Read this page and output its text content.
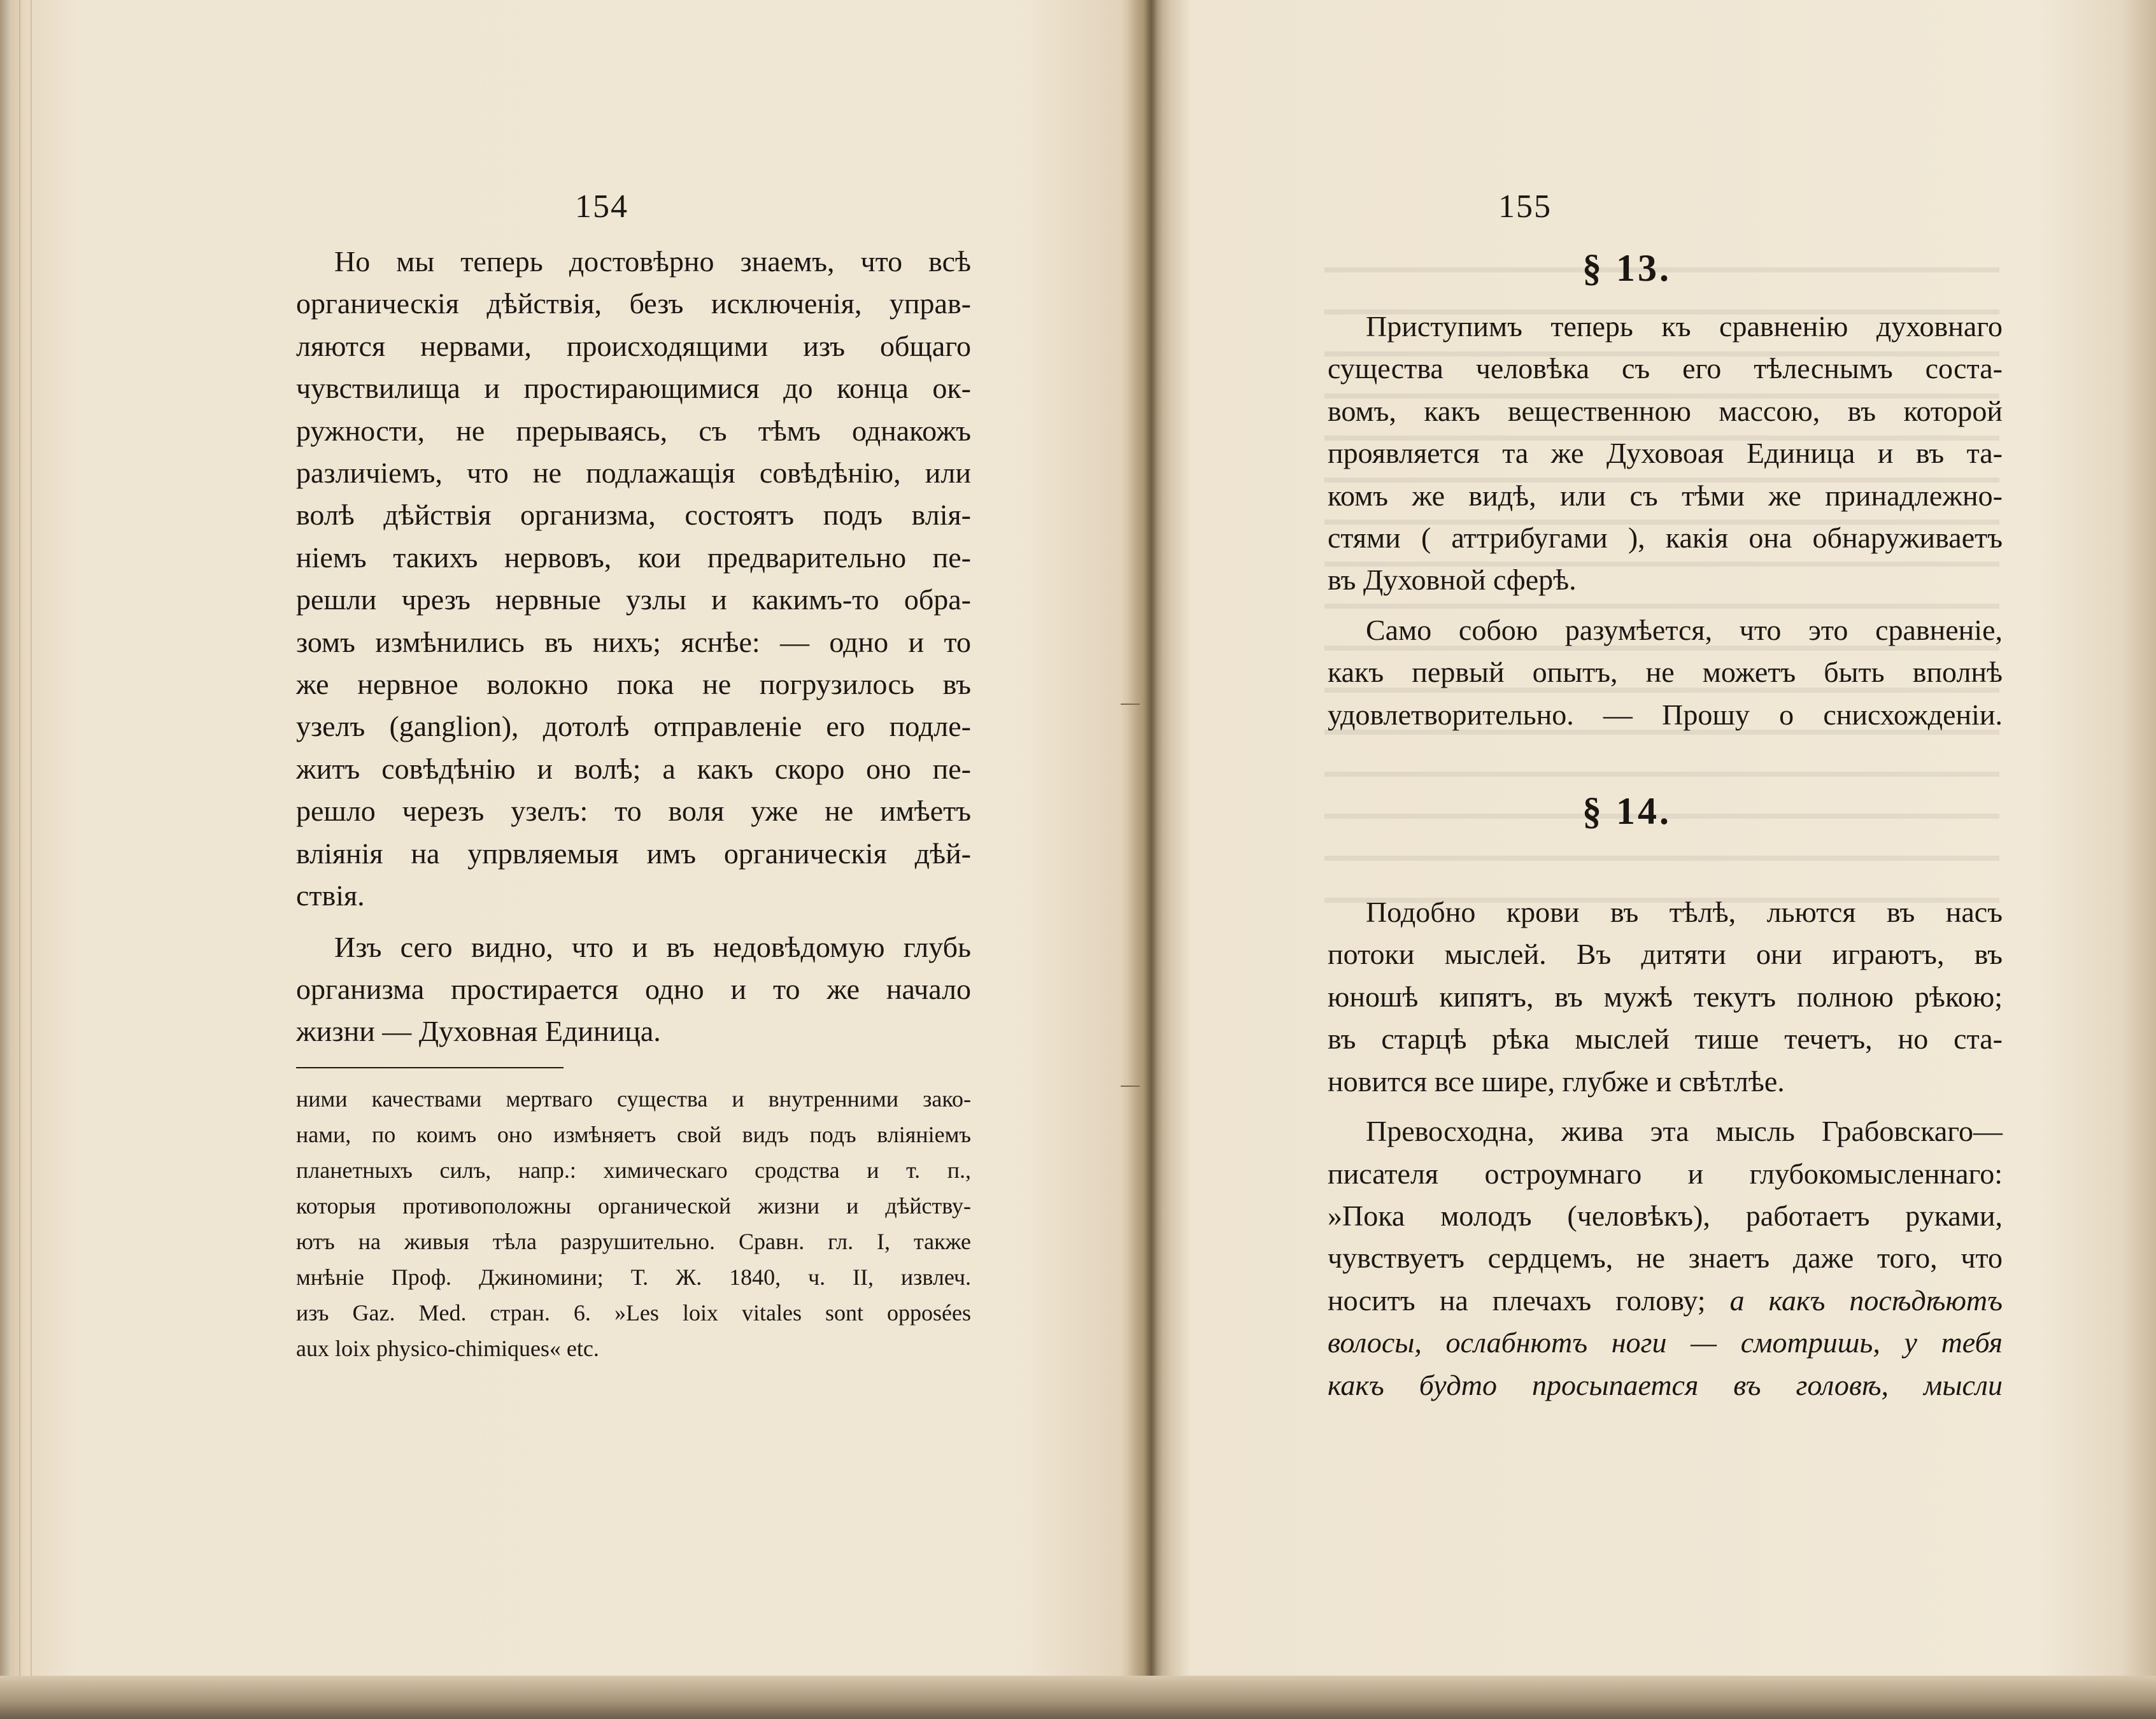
154
Но мы теперь достовѣрно знаемъ, что всѣ
органическія дѣйствія, безъ исключенія, управ-
ляются нервами, происходящими изъ общаго
чувствилища и простирающимися до конца ок-
ружности, не прерываясь, съ тѣмъ однакожъ
различіемъ, что не подлажащія совѣдѣнію, или
волѣ дѣйствія организма, состоятъ подъ влія-
ніемъ такихъ нервовъ, кои предварительно пе-
решли чрезъ нервные узлы и какимъ-то обра-
зомъ измѣнились въ нихъ; яснѣе: — одно и то
же нервное волокно пока не погрузилось въ
узелъ (ganglion), дотолѣ отправленіе его подле-
житъ совѣдѣнію и волѣ; а какъ скоро оно пе-
решло черезъ узелъ: то воля уже не имѣетъ
вліянія на упрвляемыя имъ органическія дѣй-
ствія.
Изъ сего видно, что и въ недовѣдомую глубь
организма простирается одно и то же начало
жизни — Духовная Единица.
ними качествами мертваго существа и внутренними зако-
нами, по коимъ оно измѣняетъ свой видъ подъ вліяніемъ
планетныхъ силъ, напр.: химическаго сродства и т. п.,
которыя противоположны органической жизни и дѣйству-
ютъ на живыя тѣла разрушительно. Сравн. гл. I, также
мнѣніе Проф. Джиномини; Т. Ж. 1840, ч. II, извлеч.
изъ Gaz. Med. стран. 6. »Les loix vitales sont opposées
aux loix physico-chimiques« etc.
155
§ 13.
Приступимъ теперь къ сравненію духовнаго
существа человѣка съ его тѣлеснымъ соста-
вомъ, какъ вещественною массою, въ которой
проявляется та же Духовоая Единица и въ та-
комъ же видѣ, или съ тѣми же принадлежно-
стями ( аттрибугами ), какія она обнаруживаетъ
въ Духовной сферѣ.
Само собою разумѣется, что это сравненіе,
какъ первый опытъ, не можетъ быть вполнѣ
удовлетворительно. — Прошу о снисхожденіи.
§ 14.
Подобно крови въ тѣлѣ, льются въ насъ
потоки мыслей. Въ дитяти они играютъ, въ
юношѣ кипятъ, въ мужѣ текутъ полною рѣкою;
въ старцѣ рѣка мыслей тише течетъ, но ста-
новится все шире, глубже и свѣтлѣе.
Превосходна, жива эта мысль Грабовскаго—
писателя остроумнаго и глубокомысленнаго:
»Пока молодъ (человѣкъ), работаетъ руками,
чувствуетъ сердцемъ, не знаетъ даже того, что
носитъ на плечахъ голову; а какъ посѣдѣютъ
волосы, ослабнютъ ноги — смотришь, у тебя
какъ будто просыпается въ головѣ, мысли
